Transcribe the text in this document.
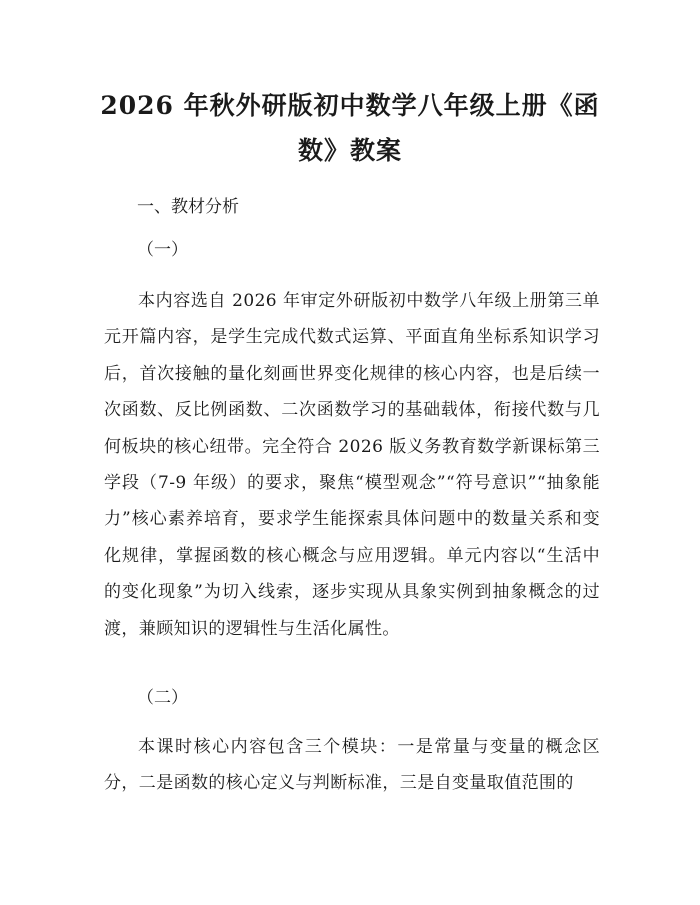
2026 年秋外研版初中数学八年级上册《函
数》教案

一、教材分析

（一）

本内容选自 2026 年审定外研版初中数学八年级上册第三单元开篇内容，是学生完成代数式运算、平面直角坐标系知识学习后，首次接触的量化刻画世界变化规律的核心内容，也是后续一次函数、反比例函数、二次函数学习的基础载体，衔接代数与几何板块的核心纽带。完全符合 2026 版义务教育数学新课标第三学段（7-9 年级）的要求，聚焦“模型观念”“符号意识”“抽象能力”核心素养培育，要求学生能探索具体问题中的数量关系和变化规律，掌握函数的核心概念与应用逻辑。单元内容以“生活中的变化现象”为切入线索，逐步实现从具象实例到抽象概念的过渡，兼顾知识的逻辑性与生活化属性。

（二）

本课时核心内容包含三个模块：一是常量与变量的概念区分，二是函数的核心定义与判断标准，三是自变量取值范围的
